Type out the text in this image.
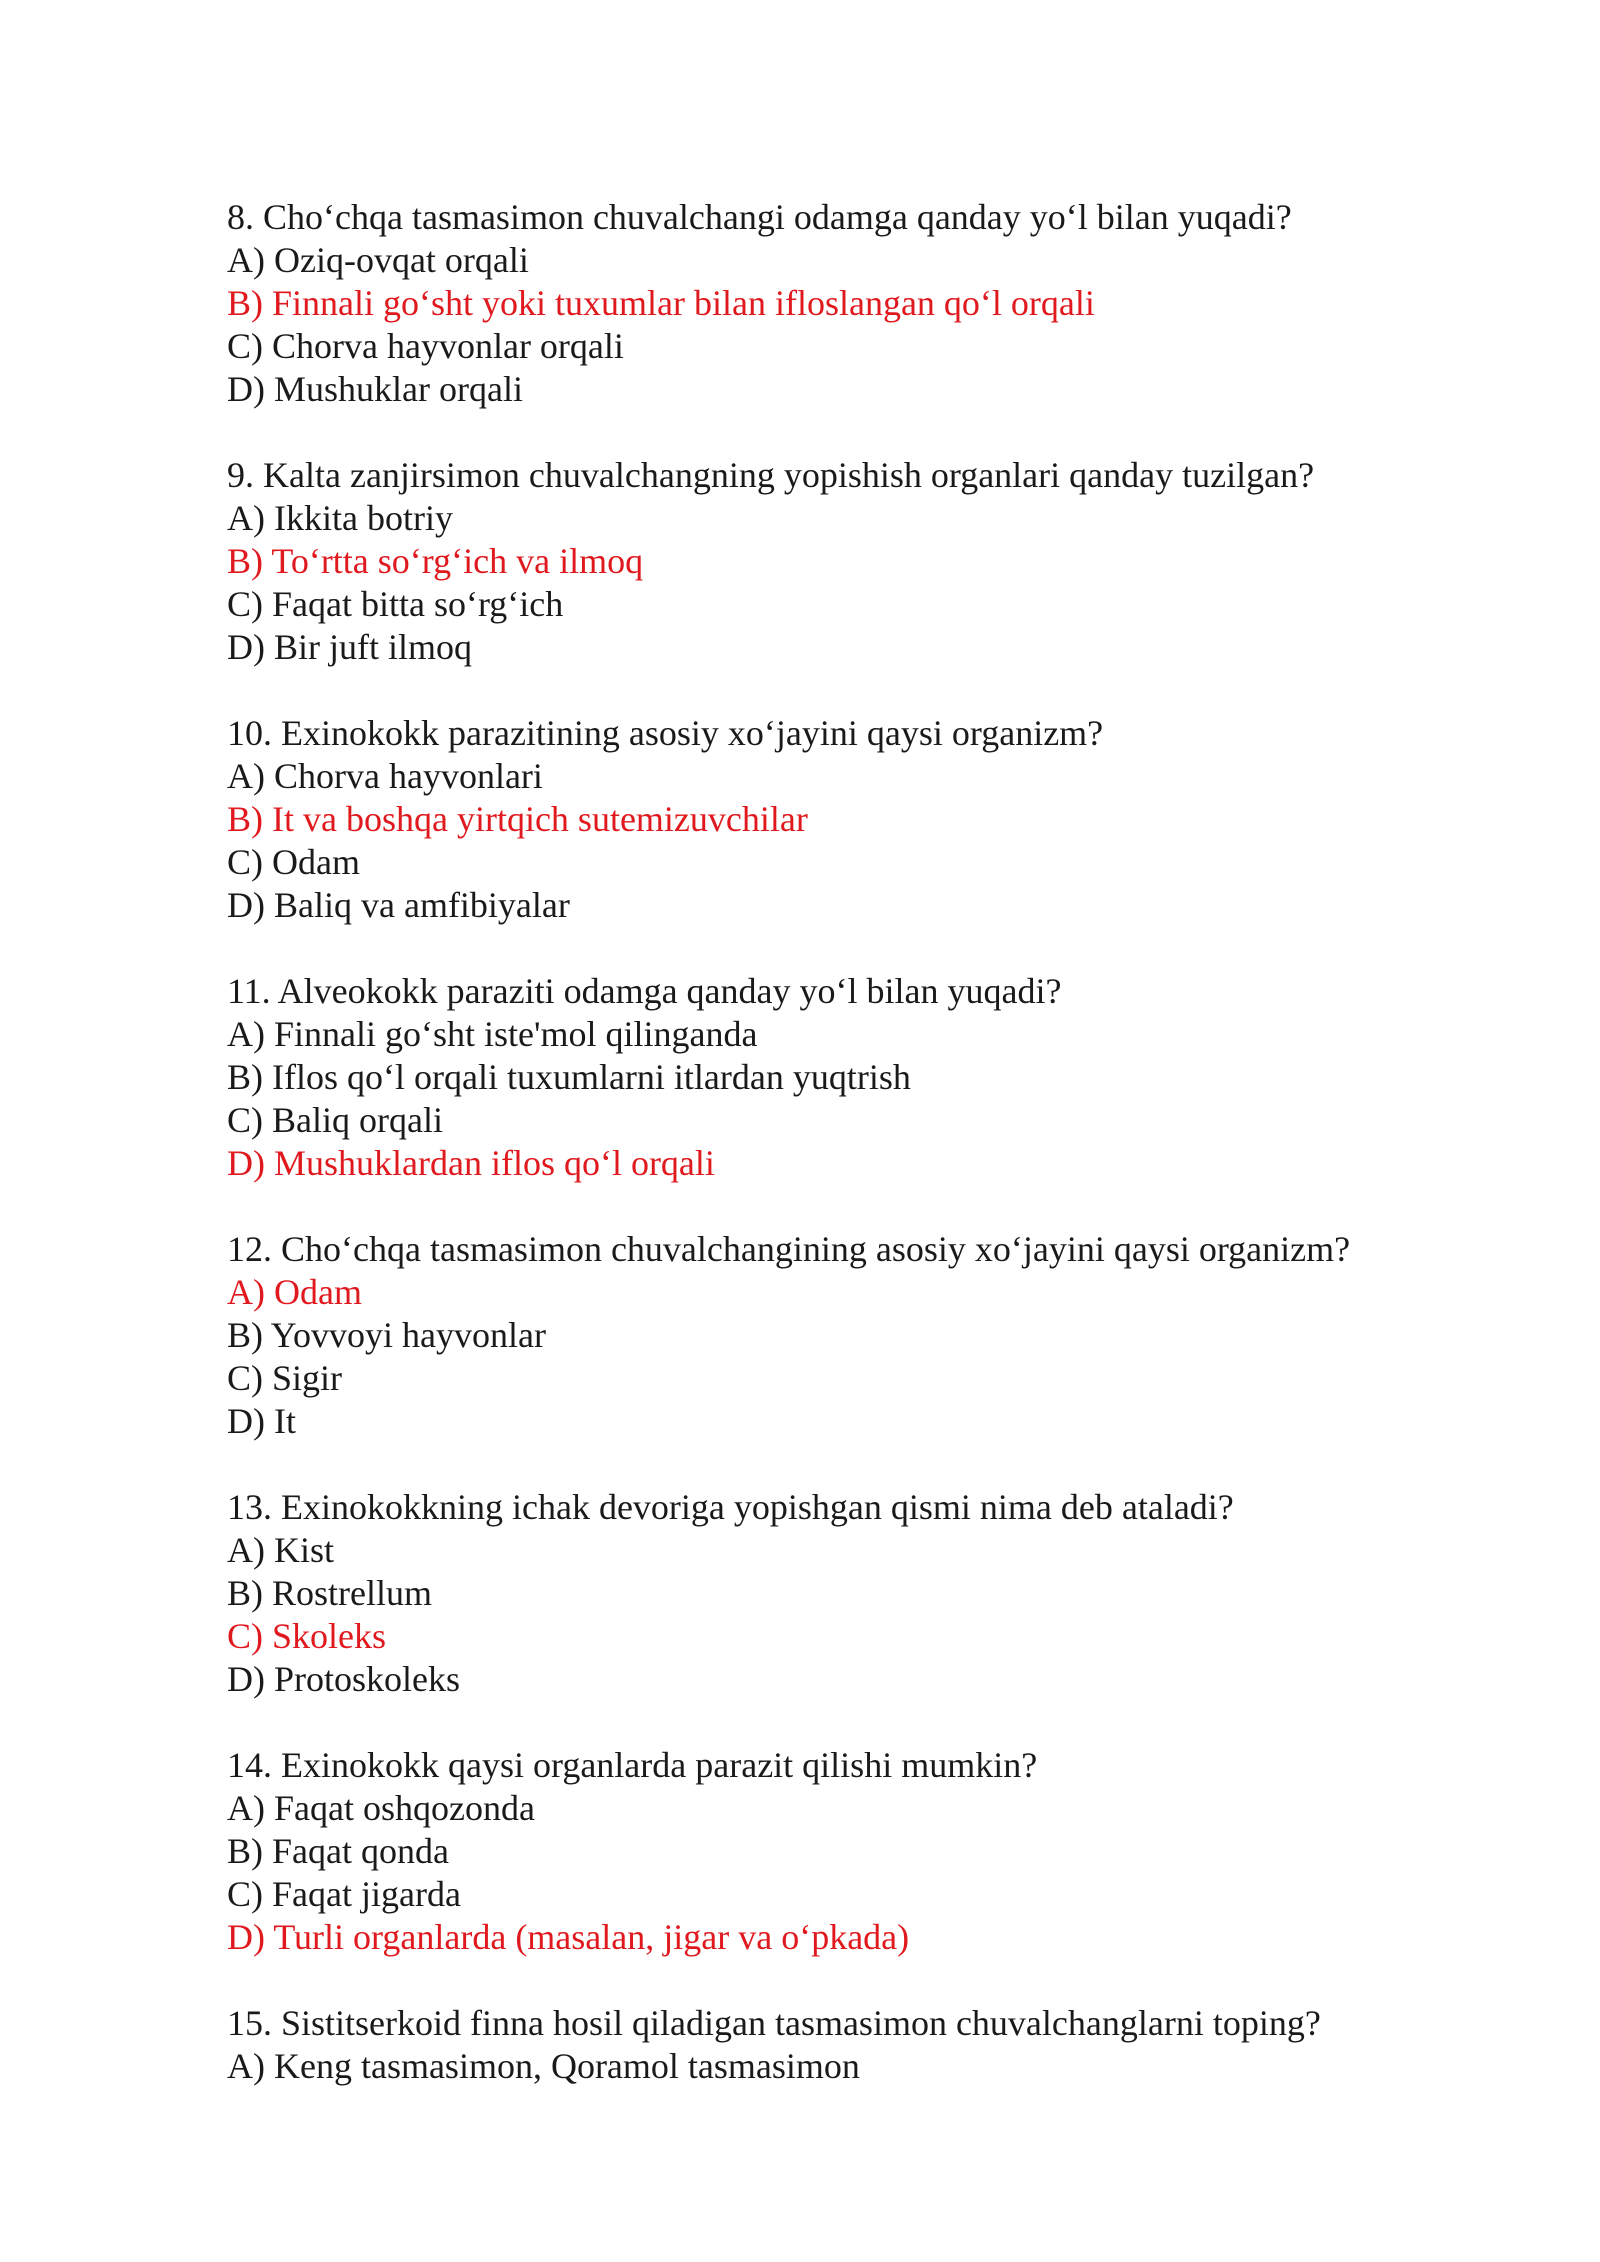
8. Cho‘chqa tasmasimon chuvalchangi odamga qanday yo‘l bilan yuqadi?
A) Oziq-ovqat orqali
B) Finnali go‘sht yoki tuxumlar bilan ifloslangan qo‘l orqali
C) Chorva hayvonlar orqali
D) Mushuklar orqali
9. Kalta zanjirsimon chuvalchangning yopishish organlari qanday tuzilgan?
A) Ikkita botriy
B) To‘rtta so‘rg‘ich va ilmoq
C) Faqat bitta so‘rg‘ich
D) Bir juft ilmoq
10. Exinokokk parazitining asosiy xo‘jayini qaysi organizm?
A) Chorva hayvonlari
B) It va boshqa yirtqich sutemizuvchilar
C) Odam
D) Baliq va amfibiyalar
11. Alveokokk paraziti odamga qanday yo‘l bilan yuqadi?
A) Finnali go‘sht iste'mol qilinganda
B) Iflos qo‘l orqali tuxumlarni itlardan yuqtrish
C) Baliq orqali
D) Mushuklardan iflos qo‘l orqali
12. Cho‘chqa tasmasimon chuvalchangining asosiy xo‘jayini qaysi organizm?
A) Odam
B) Yovvoyi hayvonlar
C) Sigir
D) It
13. Exinokokkning ichak devoriga yopishgan qismi nima deb ataladi?
A) Kist
B) Rostrellum
C) Skoleks
D) Protoskoleks
14. Exinokokk qaysi organlarda parazit qilishi mumkin?
A) Faqat oshqozonda
B) Faqat qonda
C) Faqat jigarda
D) Turli organlarda (masalan, jigar va o‘pkada)
15. Sistitserkoid finna hosil qiladigan tasmasimon chuvalchanglarni toping?
A) Keng tasmasimon, Qoramol tasmasimon
